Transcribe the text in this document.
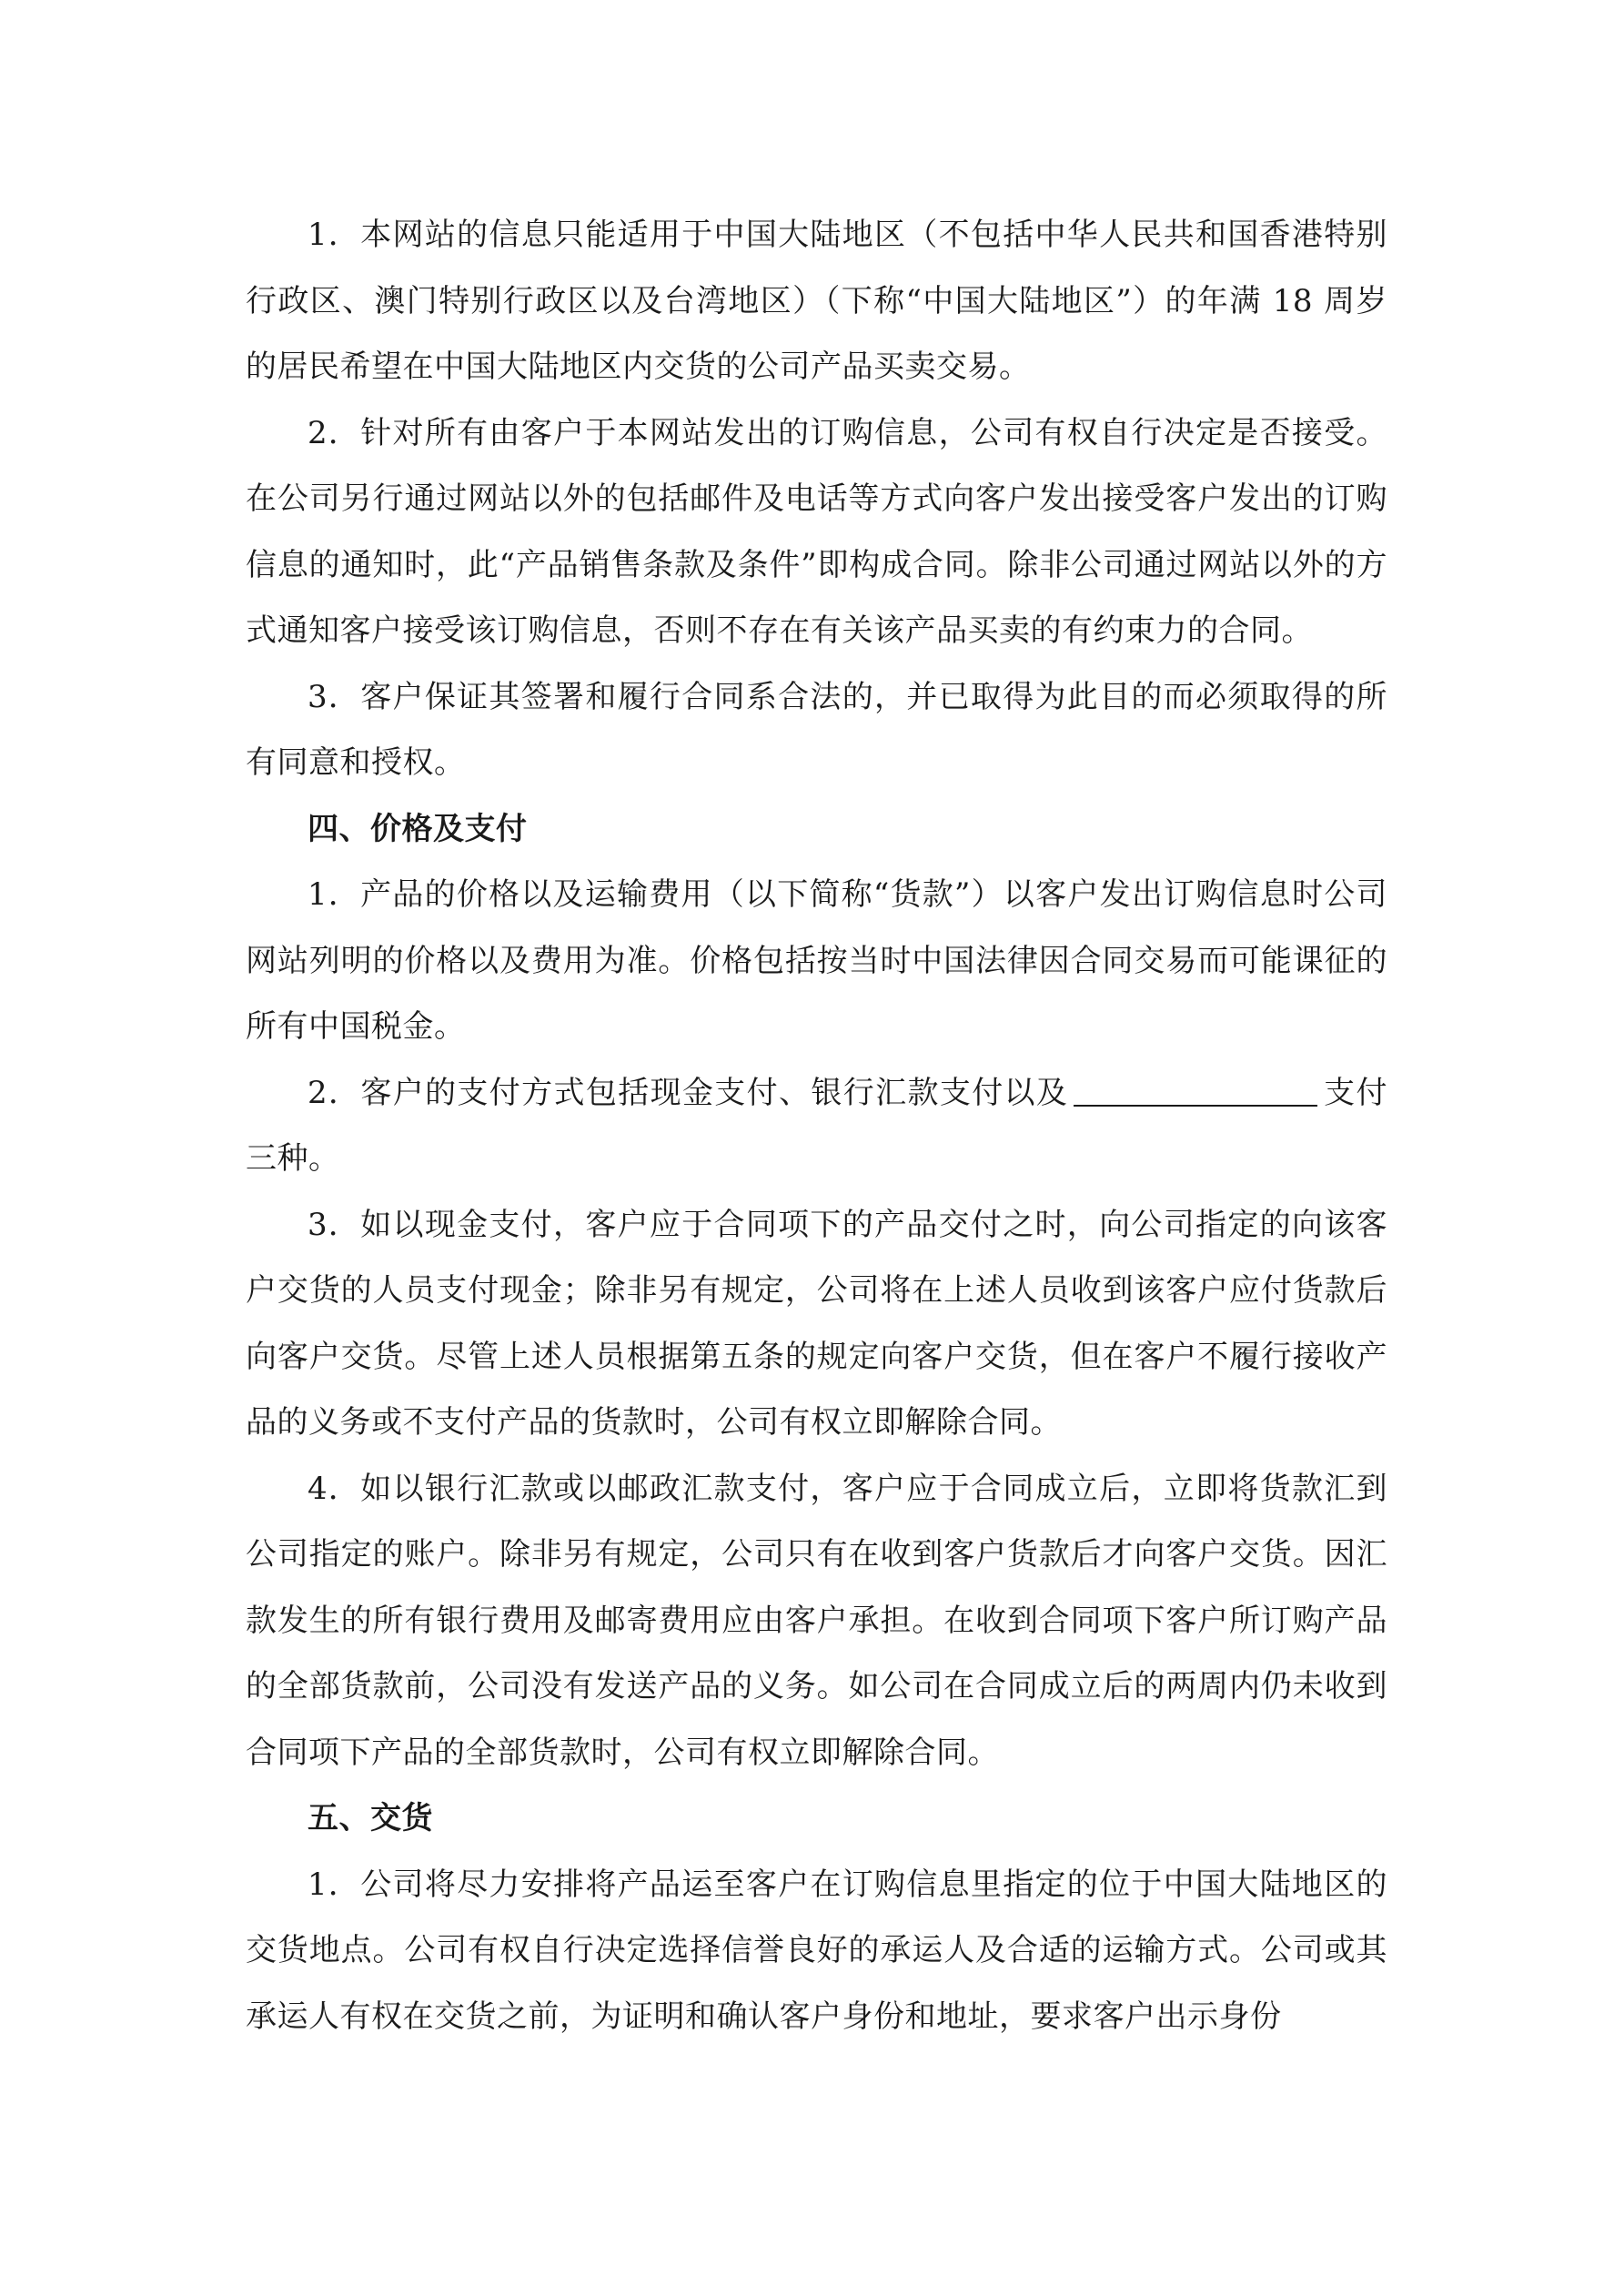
1．本网站的信息只能适用于中国大陆地区（不包括中华人民共和国香港特别行政区、澳门特别行政区以及台湾地区）（下称“中国大陆地区”）的年满 18 周岁的居民希望在中国大陆地区内交货的公司产品买卖交易。

2．针对所有由客户于本网站发出的订购信息，公司有权自行决定是否接受。在公司另行通过网站以外的包括邮件及电话等方式向客户发出接受客户发出的订购信息的通知时，此“产品销售条款及条件”即构成合同。除非公司通过网站以外的方式通知客户接受该订购信息，否则不存在有关该产品买卖的有约束力的合同。

3．客户保证其签署和履行合同系合法的，并已取得为此目的而必须取得的所有同意和授权。

四、价格及支付

1．产品的价格以及运输费用（以下简称“货款”）以客户发出订购信息时公司网站列明的价格以及费用为准。价格包括按当时中国法律因合同交易而可能课征的所有中国税金。

2．客户的支付方式包括现金支付、银行汇款支付以及	支付三种。

3．如以现金支付，客户应于合同项下的产品交付之时，向公司指定的向该客户交货的人员支付现金；除非另有规定，公司将在上述人员收到该客户应付货款后向客户交货。尽管上述人员根据第五条的规定向客户交货，但在客户不履行接收产品的义务或不支付产品的货款时，公司有权立即解除合同。

4．如以银行汇款或以邮政汇款支付，客户应于合同成立后，立即将货款汇到公司指定的账户。除非另有规定，公司只有在收到客户货款后才向客户交货。因汇款发生的所有银行费用及邮寄费用应由客户承担。在收到合同项下客户所订购产品的全部货款前，公司没有发送产品的义务。如公司在合同成立后的两周内仍未收到合同项下产品的全部货款时，公司有权立即解除合同。

五、交货

1．公司将尽力安排将产品运至客户在订购信息里指定的位于中国大陆地区的交货地点。公司有权自行决定选择信誉良好的承运人及合适的运输方式。公司或其承运人有权在交货之前，为证明和确认客户身份和地址，要求客户出示身份
